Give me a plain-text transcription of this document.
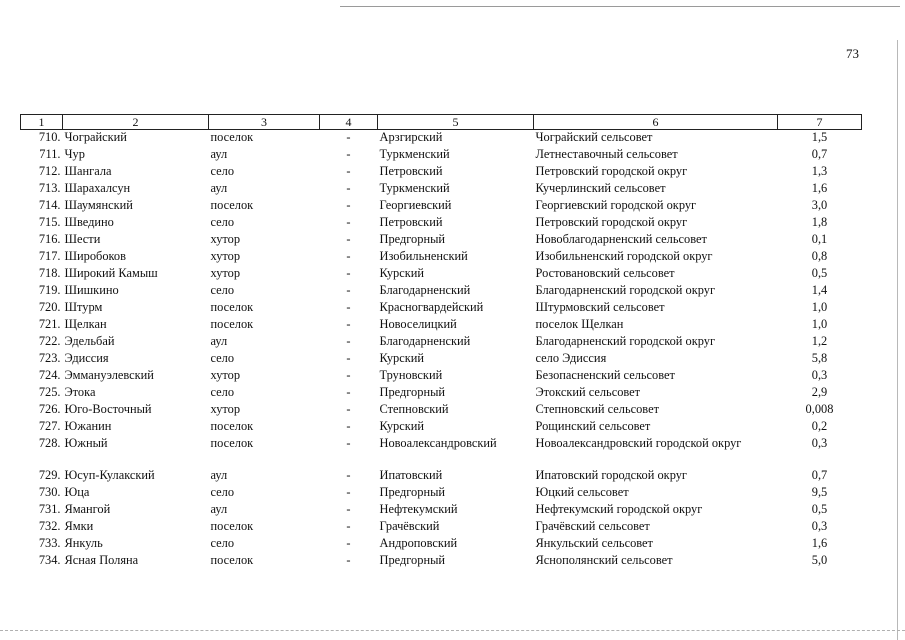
73
1	2	3	4	5	6	7
710.	Чограйский	поселок	-	Арзгирский	Чограйский сельсовет	1,5
711.	Чур	аул	-	Туркменский	Летнеставочный сельсовет	0,7
712.	Шангала	село	-	Петровский	Петровский городской округ	1,3
713.	Шарахалсун	аул	-	Туркменский	Кучерлинский сельсовет	1,6
714.	Шаумянский	поселок	-	Георгиевский	Георгиевский городской округ	3,0
715.	Шведино	село	-	Петровский	Петровский городской округ	1,8
716.	Шести	хутор	-	Предгорный	Новоблагодарненский сельсовет	0,1
717.	Широбоков	хутор	-	Изобильненский	Изобильненский городской округ	0,8
718.	Широкий Камыш	хутор	-	Курский	Ростовановский сельсовет	0,5
719.	Шишкино	село	-	Благодарненский	Благодарненский городской округ	1,4
720.	Штурм	поселок	-	Красногвардейский	Штурмовский сельсовет	1,0
721.	Щелкан	поселок	-	Новоселицкий	поселок Щелкан	1,0
722.	Эдельбай	аул	-	Благодарненский	Благодарненский городской округ	1,2
723.	Эдиссия	село	-	Курский	село Эдиссия	5,8
724.	Эммануэлевский	хутор	-	Труновский	Безопасненский сельсовет	0,3
725.	Этока	село	-	Предгорный	Этокский сельсовет	2,9
726.	Юго-Восточный	хутор	-	Степновский	Степновский сельсовет	0,008
727.	Южанин	поселок	-	Курский	Рощинский сельсовет	0,2
728.	Южный	поселок	-	Новоалександровский	Новоалександровский городской округ	0,3
729.	Юсуп-Кулакский	аул	-	Ипатовский	Ипатовский городской округ	0,7
730.	Юца	село	-	Предгорный	Юцкий сельсовет	9,5
731.	Ямангой	аул	-	Нефтекумский	Нефтекумский городской округ	0,5
732.	Ямки	поселок	-	Грачёвский	Грачёвский сельсовет	0,3
733.	Янкуль	село	-	Андроповский	Янкульский сельсовет	1,6
734.	Ясная Поляна	поселок	-	Предгорный	Яснополянский сельсовет	5,0
